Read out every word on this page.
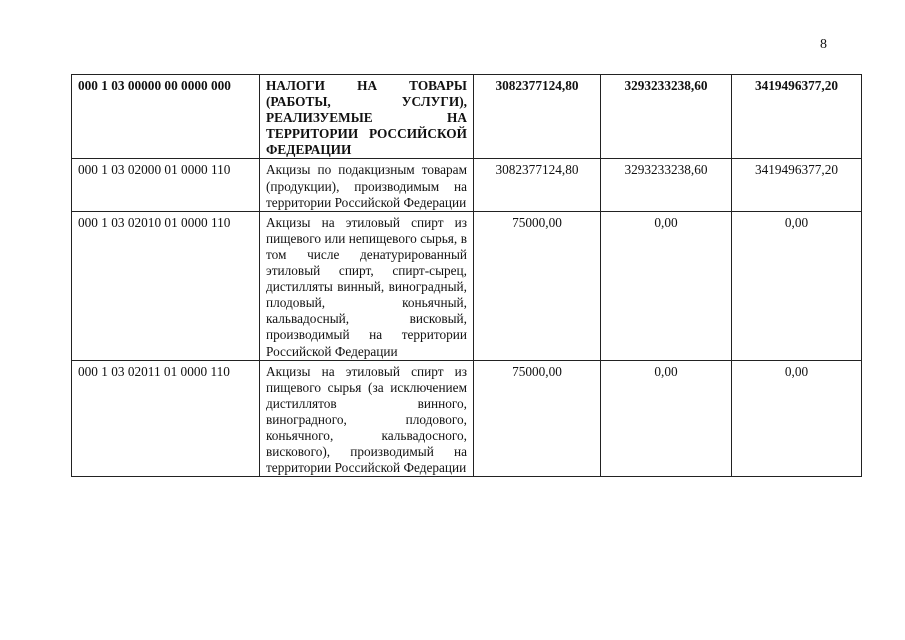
8
000 1 03 00000 00 0000 000	НАЛОГИ НА ТОВАРЫ (РАБОТЫ, УСЛУГИ), РЕАЛИЗУЕМЫЕ НА ТЕРРИТОРИИ РОССИЙСКОЙ ФЕДЕРАЦИИ	3082377124,80	3293233238,60	3419496377,20
000 1 03 02000 01 0000 110	Акцизы по подакцизным товарам (продукции), производимым на территории Российской Федерации	3082377124,80	3293233238,60	3419496377,20
000 1 03 02010 01 0000 110	Акцизы на этиловый спирт из пищевого или непищевого сырья, в том числе денатурированный этиловый спирт, спирт-сырец, дистилляты винный, виноградный, плодовый, коньячный, кальвадосный, висковый, производимый на территории Российской Федерации	75000,00	0,00	0,00
000 1 03 02011 01 0000 110	Акцизы на этиловый спирт из пищевого сырья (за исключением дистиллятов винного, виноградного, плодового, коньячного, кальвадосного, вискового), производимый на территории Российской Федерации	75000,00	0,00	0,00
